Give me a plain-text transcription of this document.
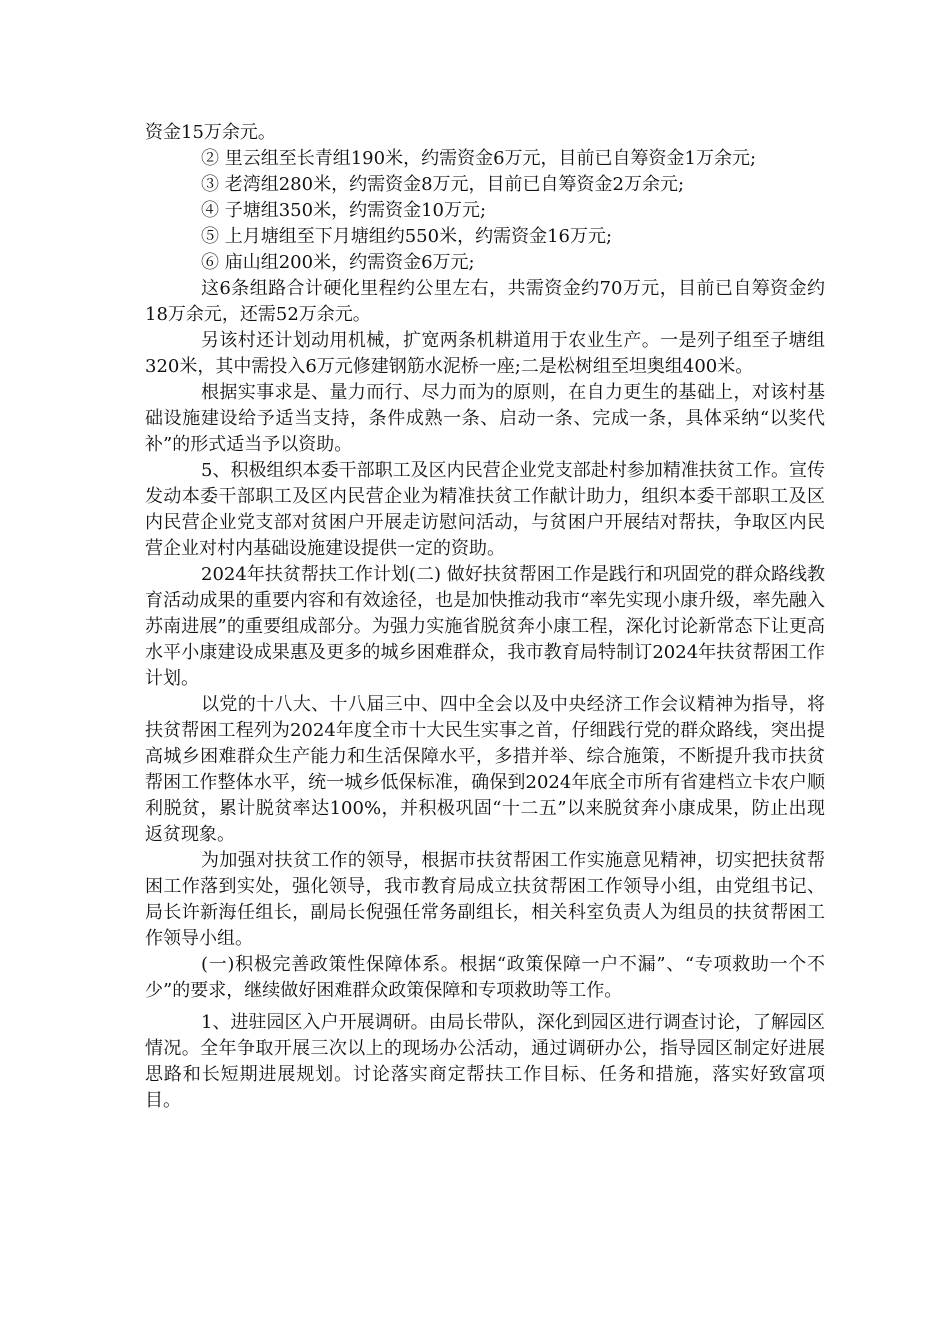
资金15万余元。

② 里云组至长青组190米，约需资金6万元，目前已自筹资金1万余元;

③ 老湾组280米，约需资金8万元，目前已自筹资金2万余元;

④ 子塘组350米，约需资金10万元;

⑤ 上月塘组至下月塘组约550米，约需资金16万元;

⑥ 庙山组200米，约需资金6万元;

这6条组路合计硬化里程约公里左右，共需资金约70万元，目前已自筹资金约18万余元，还需52万余元。

另该村还计划动用机械，扩宽两条机耕道用于农业生产。一是列子组至子塘组320米，其中需投入6万元修建钢筋水泥桥一座;二是松树组至坦奥组400米。

根据实事求是、量力而行、尽力而为的原则，在自力更生的基础上，对该村基础设施建设给予适当支持，条件成熟一条、启动一条、完成一条，具体采纳“以奖代补”的形式适当予以资助。

5、积极组织本委干部职工及区内民营企业党支部赴村参加精准扶贫工作。宣传发动本委干部职工及区内民营企业为精准扶贫工作献计助力，组织本委干部职工及区内民营企业党支部对贫困户开展走访慰问活动，与贫困户开展结对帮扶，争取区内民营企业对村内基础设施建设提供一定的资助。

2024年扶贫帮扶工作计划(二) 做好扶贫帮困工作是践行和巩固党的群众路线教育活动成果的重要内容和有效途径，也是加快推动我市“率先实现小康升级，率先融入苏南进展”的重要组成部分。为强力实施省脱贫奔小康工程，深化讨论新常态下让更高水平小康建设成果惠及更多的城乡困难群众，我市教育局特制订2024年扶贫帮困工作计划。

以党的十八大、十八届三中、四中全会以及中央经济工作会议精神为指导，将扶贫帮困工程列为2024年度全市十大民生实事之首，仔细践行党的群众路线，突出提高城乡困难群众生产能力和生活保障水平，多措并举、综合施策，不断提升我市扶贫帮困工作整体水平，统一城乡低保标准，确保到2024年底全市所有省建档立卡农户顺利脱贫，累计脱贫率达100%，并积极巩固“十二五”以来脱贫奔小康成果，防止出现返贫现象。

为加强对扶贫工作的领导，根据市扶贫帮困工作实施意见精神，切实把扶贫帮困工作落到实处，强化领导，我市教育局成立扶贫帮困工作领导小组，由党组书记、局长许新海任组长，副局长倪强任常务副组长，相关科室负责人为组员的扶贫帮困工作领导小组。

(一)积极完善政策性保障体系。根据“政策保障一户不漏”、“专项救助一个不少”的要求，继续做好困难群众政策保障和专项救助等工作。

1、进驻园区入户开展调研。由局长带队，深化到园区进行调查讨论，了解园区情况。全年争取开展三次以上的现场办公活动，通过调研办公，指导园区制定好进展思路和长短期进展规划。讨论落实商定帮扶工作目标、任务和措施，落实好致富项目。
